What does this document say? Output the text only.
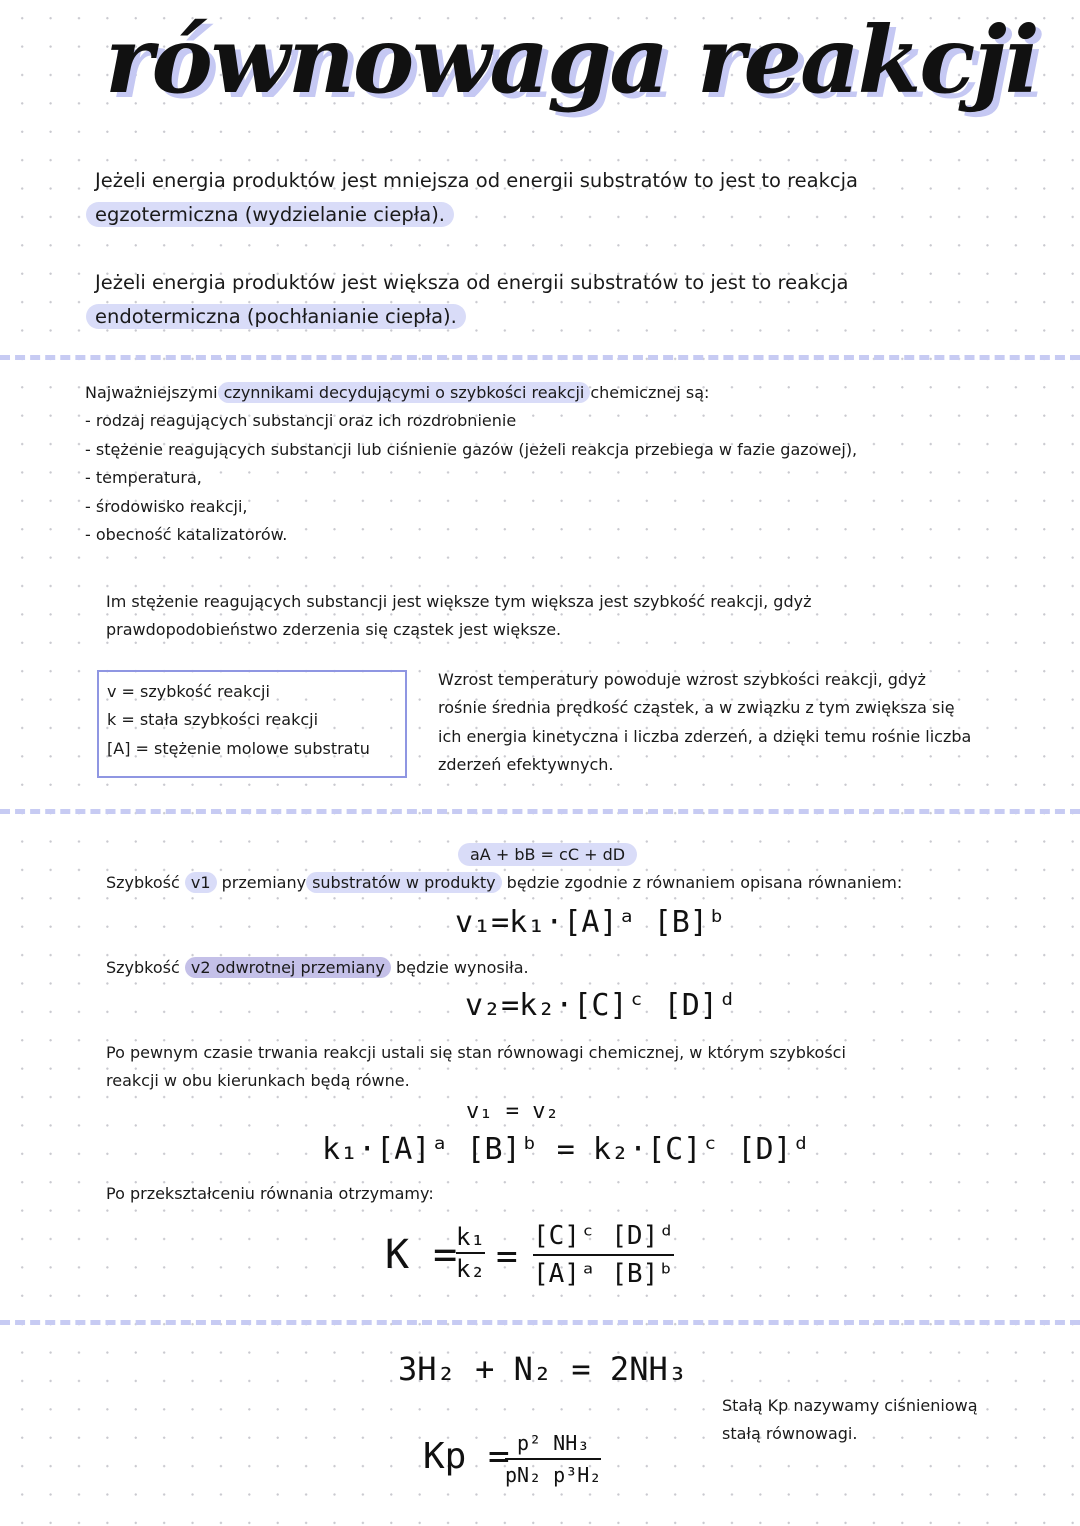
równowaga reakcji
Jeżeli energia produktów jest mniejsza od energii substratów to jest to reakcja
egzotermiczna (wydzielanie ciepła).
Jeżeli energia produktów jest większa od energii substratów to jest to reakcja
endotermiczna (pochłanianie ciepła).
Najważniejszymi czynnikami decydującymi o szybkości reakcji chemicznej są:
- rodzaj reagujących substancji oraz ich rozdrobnienie
- stężenie reagujących substancji lub ciśnienie gazów (jeżeli reakcja przebiega w fazie gazowej),
- temperatura,
- środowisko reakcji,
- obecność katalizatorów.
Im stężenie reagujących substancji jest większe tym większa jest szybkość reakcji, gdyż
prawdopodobieństwo zderzenia się cząstek jest większe.
v = szybkość reakcji
k = stała szybkości reakcji
[A] = stężenie molowe substratu
Wzrost temperatury powoduje wzrost szybkości reakcji, gdyż
rośnie średnia prędkość cząstek, a w związku z tym zwiększa się
ich energia kinetyczna i liczba zderzeń, a dzięki temu rośnie liczba
zderzeń efektywnych.
aA + bB = cC + dD
Szybkość v1 przemiany substratów w produkty będzie zgodnie z równaniem opisana równaniem:
v₁=k₁·[A]ᵃ [B]ᵇ
Szybkość v2 odwrotnej przemiany będzie wynosiła.
v₂=k₂·[C]ᶜ [D]ᵈ
Po pewnym czasie trwania reakcji ustali się stan równowagi chemicznej, w którym szybkości
reakcji w obu kierunkach będą równe.
v₁ = v₂
k₁·[A]ᵃ [B]ᵇ = k₂·[C]ᶜ [D]ᵈ
Po przekształceniu równania otrzymamy:
K =
$\frac{\text{k₁}}{\text{k₂}} = \frac{\text{[C]ᶜ [D]ᵈ}}{\text{[A]ᵃ [B]ᵇ}}$
3H₂ + N₂ = 2NH₃
Kp =
$\frac{\text{p² NH₃}}{\text{pN₂ p³H₂}}$
Stałą Kp nazywamy ciśnieniową
stałą równowagi.
